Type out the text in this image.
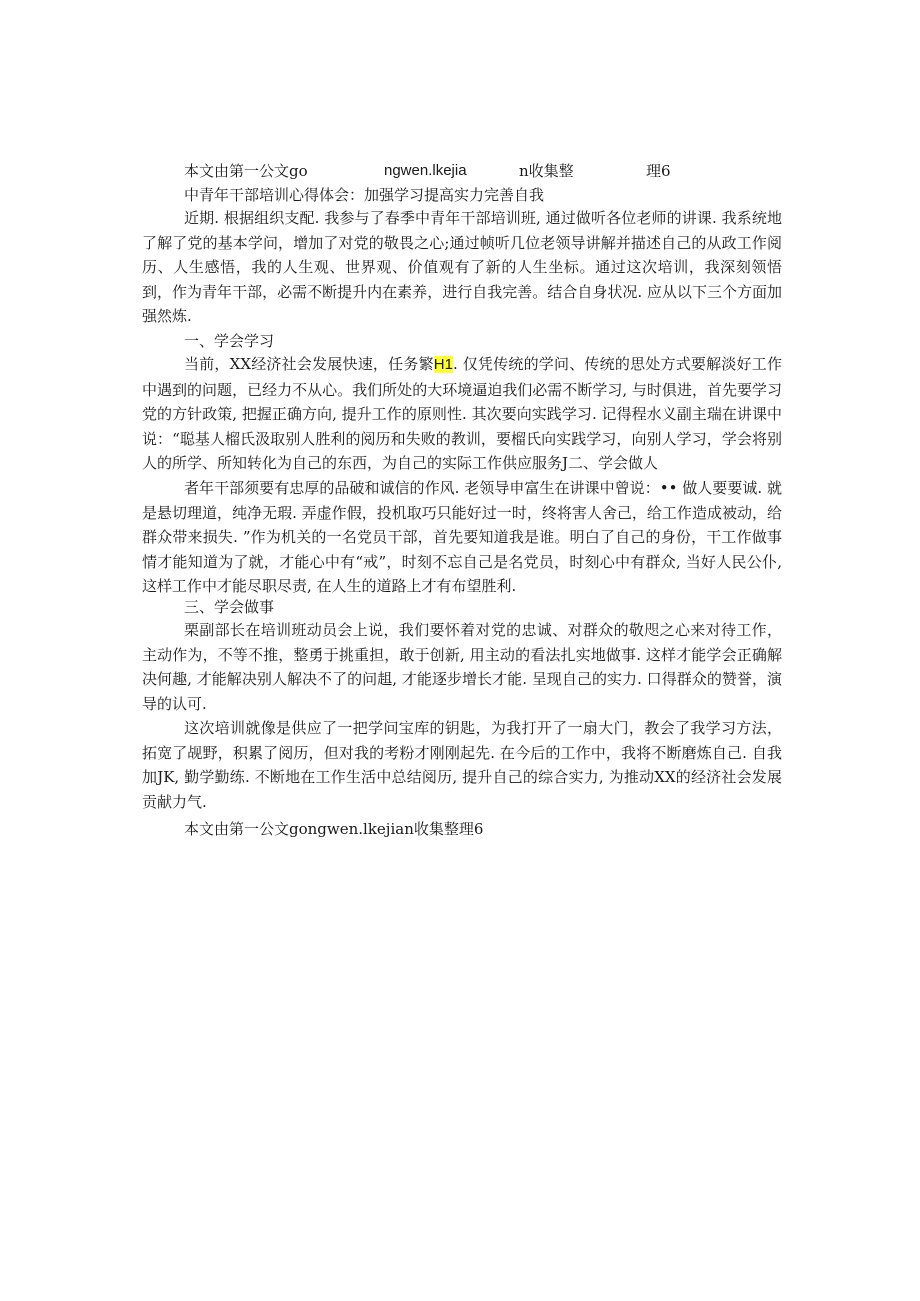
本文由第一公文go	ngwen.lkejia	n收集整	理6

中青年干部培训心得体会：加强学习提高实力完善自我

近期. 根据组织支配. 我参与了春季中青年干部培训班, 通过做听各位老师的讲课. 我系统地了解了党的基本学问，增加了对党的敬畏之心;通过帧听几位老领导讲解并描述自己的从政工作阅历、人生感悟，我的人生观、世界观、价值观有了新的人生坐标。通过这次培训，我深刻领悟到，作为青年干部，必需不断提升内在素养，进行自我完善。结合自身状况. 应从以下三个方面加强然炼.

一、学会学习

当前，XX经济社会发展快速，任务繁H1. 仅凭传统的学问、传统的思处方式要解淡好工作中遇到的问题，已经力不从心。我们所处的大环境逼迫我们必需不断学习, 与时俱进，首先要学习党的方针政策, 把握正确方向, 提升工作的原则性. 其次要向实践学习. 记得程水义副主瑞在讲课中说：“聪基人榴氏汲取别人胜利的阅历和失败的教训，要榴氏向实践学习，向别人学习，学会将别人的所学、所知转化为自己的东西，为自己的实际工作供应服务J二、学会做人

者年干部须要有忠厚的品破和诚信的作风. 老领导申富生在讲课中曾说：•• 做人要要诚. 就是悬切理道，纯净无瑕. 弄虚作假，投机取巧只能好过一时，终将害人舍己，给工作造成被动，给群众带来损失. ”作为机关的一名党员干部，首先要知道我是谁。明白了自己的身份，干工作做事情才能知道为了就，才能心中有“戒”，时刻不忘自己是名党员，时刻心中有群众, 当好人民公仆, 这样工作中才能尽职尽责, 在人生的道路上才有布望胜利.

三、学会做事

栗副部长在培训班动员会上说，我们要怀着对党的忠诚、对群众的敬咫之心来对待工作，主动作为，不等不推，整勇于挑重担，敢于创新, 用主动的看法扎实地做事. 这样才能学会正确解决何趣, 才能解决别人解决不了的问趄, 才能逐步增长才能. 呈现自己的实力. 口得群众的赞誉，演导的认可.

这次培训就像是供应了一把学问宝库的钥匙，为我打开了一扇大门，教会了我学习方法，拓宽了觇野，积累了阅历，但对我的考粉才刚刚起先. 在今后的工作中，我将不断磨炼自己. 自我加JK, 勤学勤练. 不断地在工作生活中总结阅历, 提升自己的综合实力, 为推动XX的经济社会发展贡献力气.

本文由第一公文gongwen.lkejian收集整理6
